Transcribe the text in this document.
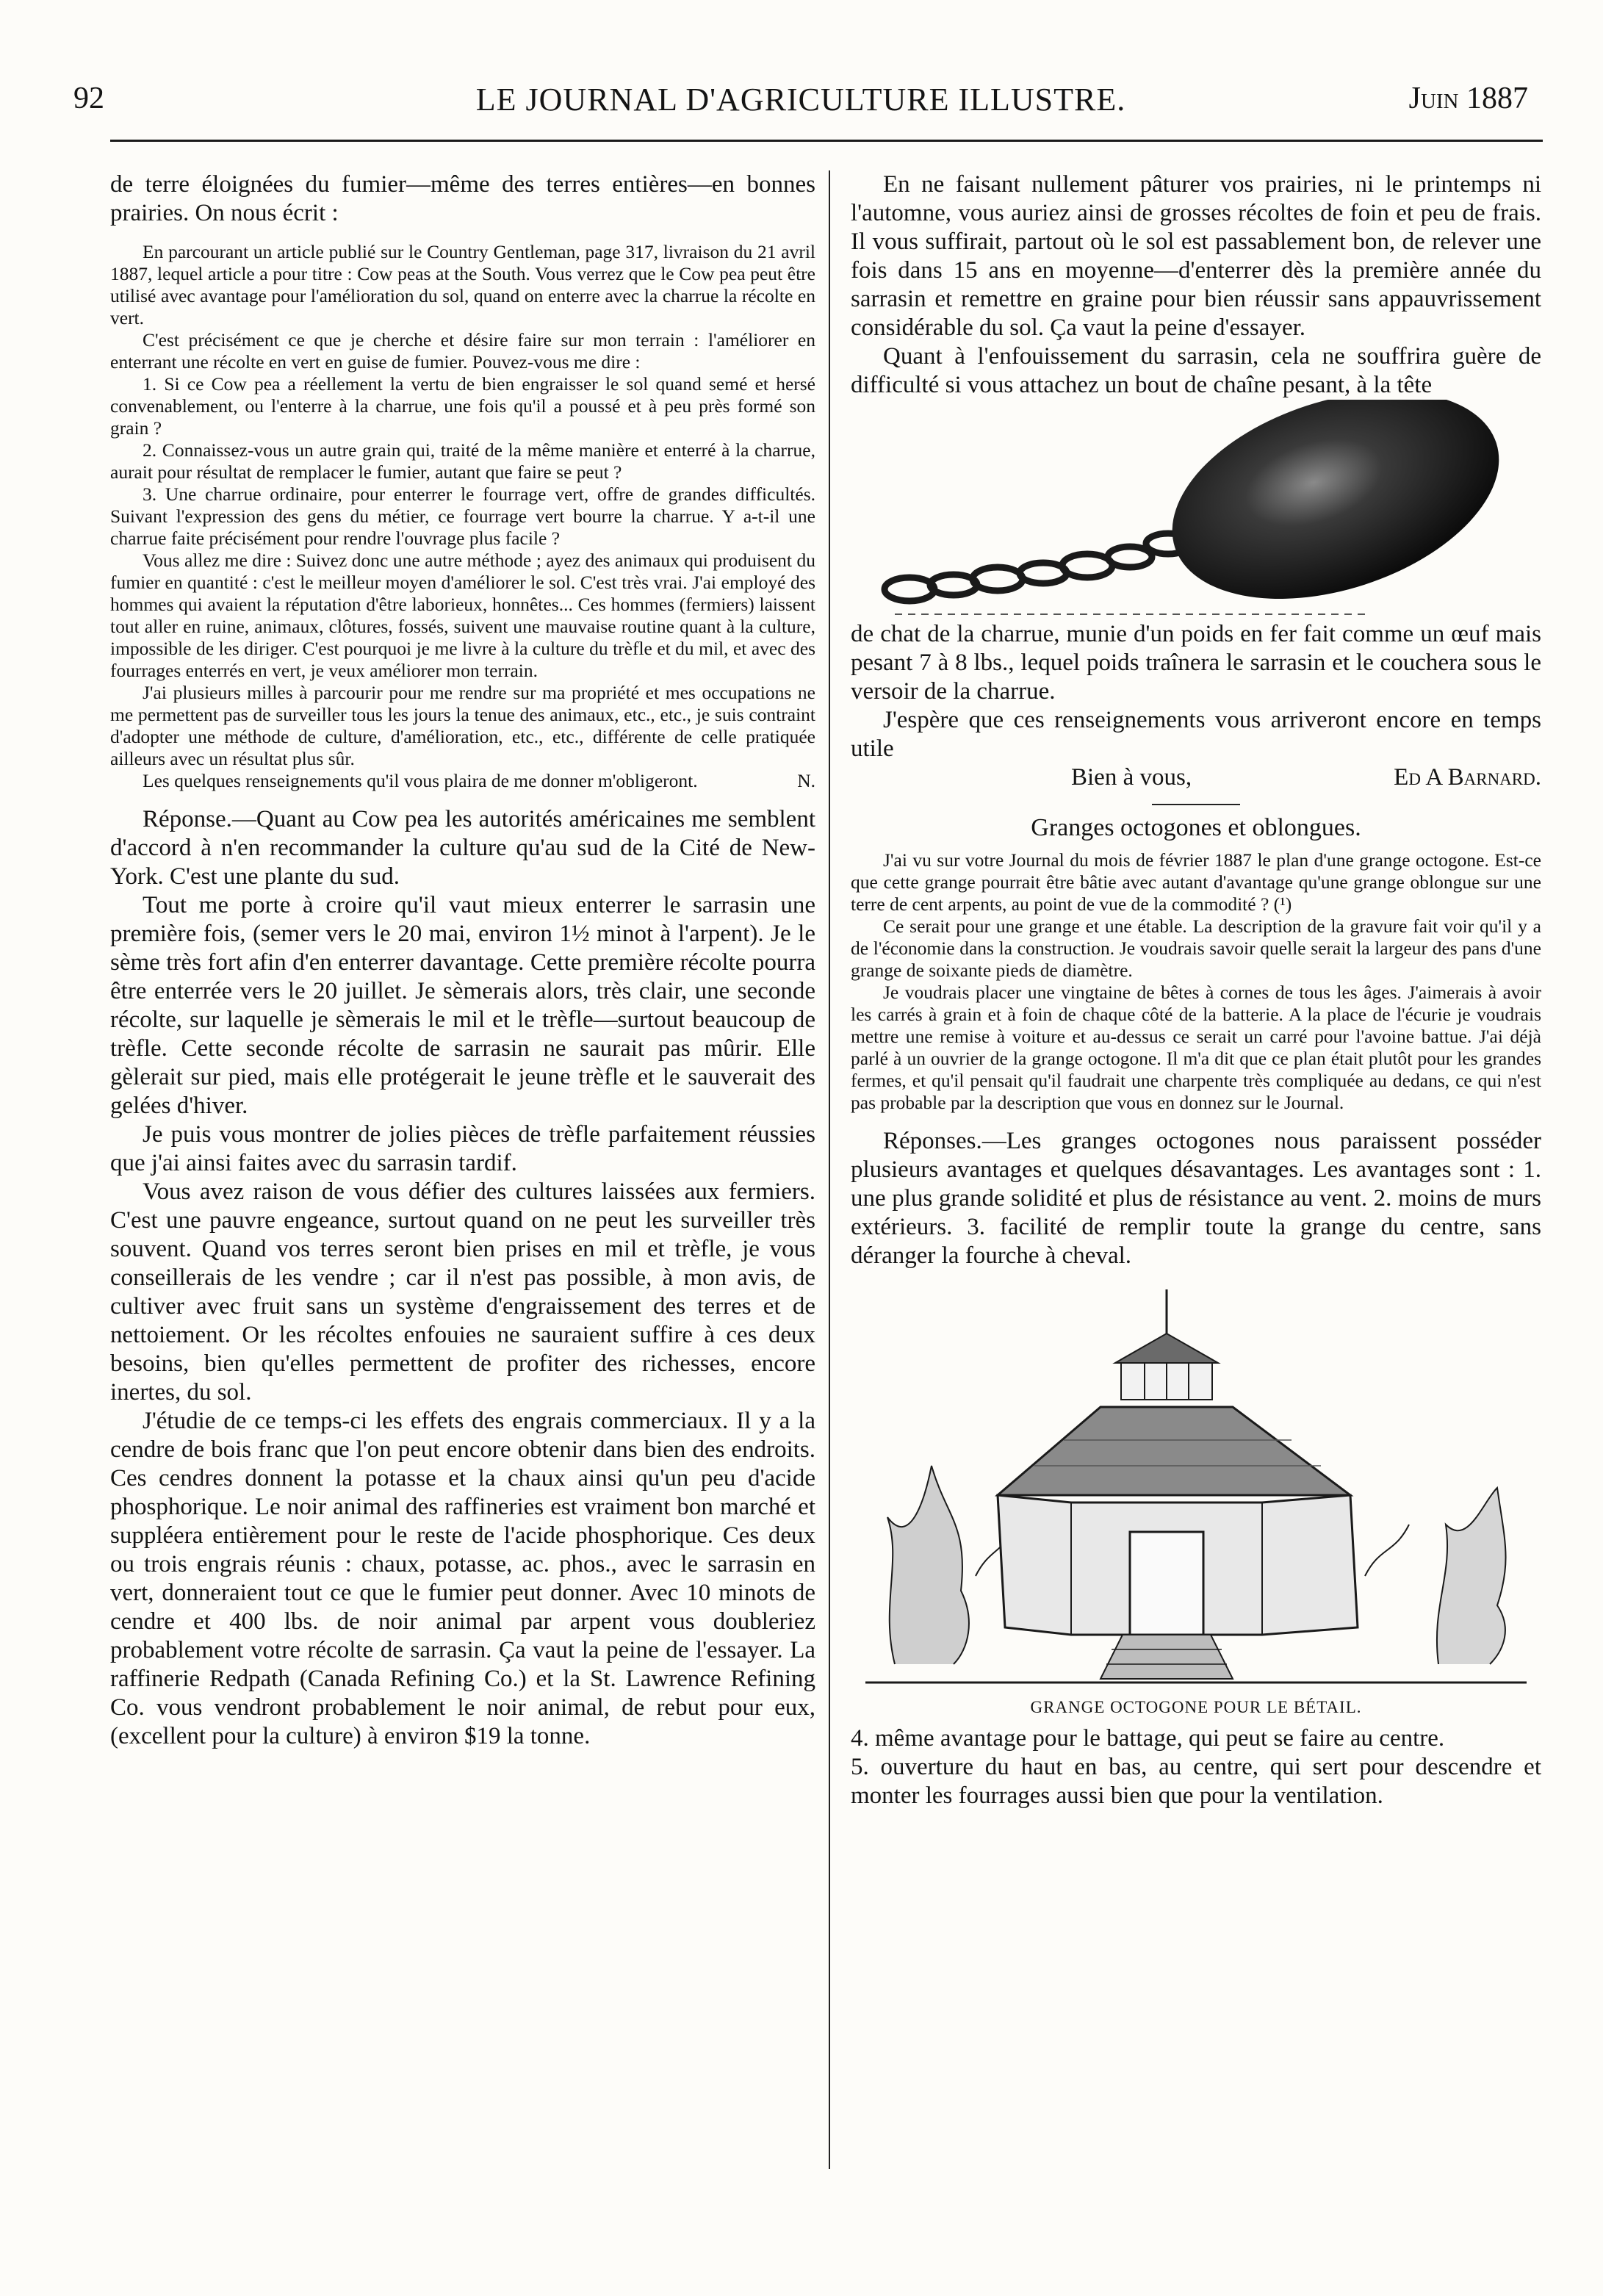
92	LE JOURNAL D'AGRICULTURE ILLUSTRE.	Juin 1887

de terre éloignées du fumier—même des terres entières—en bonnes prairies. On nous écrit :

En parcourant un article publié sur le Country Gentleman, page 317, livraison du 21 avril 1887, lequel article a pour titre : Cow peas at the South. Vous verrez que le Cow pea peut être utilisé avec avantage pour l'amélioration du sol, quand on enterre avec la charrue la récolte en vert.

C'est précisément ce que je cherche et désire faire sur mon terrain : l'améliorer en enterrant une récolte en vert en guise de fumier. Pouvez-vous me dire :

1. Si ce Cow pea a réellement la vertu de bien engraisser le sol quand semé et hersé convenablement, ou l'enterre à la charrue, une fois qu'il a poussé et à peu près formé son grain ?

2. Connaissez-vous un autre grain qui, traité de la même manière et enterré à la charrue, aurait pour résultat de remplacer le fumier, autant que faire se peut ?

3. Une charrue ordinaire, pour enterrer le fourrage vert, offre de grandes difficultés. Suivant l'expression des gens du métier, ce fourrage vert bourre la charrue. Y a-t-il une charrue faite précisément pour rendre l'ouvrage plus facile ?

Vous allez me dire : Suivez donc une autre méthode ; ayez des animaux qui produisent du fumier en quantité : c'est le meilleur moyen d'améliorer le sol. C'est très vrai. J'ai employé des hommes qui avaient la réputation d'être laborieux, honnêtes... Ces hommes (fermiers) laissent tout aller en ruine, animaux, clôtures, fossés, suivent une mauvaise routine quant à la culture, impossible de les diriger. C'est pourquoi je me livre à la culture du trèfle et du mil, et avec des fourrages enterrés en vert, je veux améliorer mon terrain.

J'ai plusieurs milles à parcourir pour me rendre sur ma propriété et mes occupations ne me permettent pas de surveiller tous les jours la tenue des animaux, etc., etc., je suis contraint d'adopter une méthode de culture, d'amélioration, etc., etc., différente de celle pratiquée ailleurs avec un résultat plus sûr.

Les quelques renseignements qu'il vous plaira de me donner m'obligeront.	N.

Réponse.—Quant au Cow pea les autorités américaines me semblent d'accord à n'en recommander la culture qu'au sud de la Cité de New-York. C'est une plante du sud.

Tout me porte à croire qu'il vaut mieux enterrer le sarrasin une première fois, (semer vers le 20 mai, environ 1½ minot à l'arpent). Je le sème très fort afin d'en enterrer davantage. Cette première récolte pourra être enterrée vers le 20 juillet. Je sèmerais alors, très clair, une seconde récolte, sur laquelle je sèmerais le mil et le trèfle—surtout beaucoup de trèfle. Cette seconde récolte de sarrasin ne saurait pas mûrir. Elle gèlerait sur pied, mais elle protégerait le jeune trèfle et le sauverait des gelées d'hiver.

Je puis vous montrer de jolies pièces de trèfle parfaitement réussies que j'ai ainsi faites avec du sarrasin tardif.

Vous avez raison de vous défier des cultures laissées aux fermiers. C'est une pauvre engeance, surtout quand on ne peut les surveiller très souvent. Quand vos terres seront bien prises en mil et trèfle, je vous conseillerais de les vendre ; car il n'est pas possible, à mon avis, de cultiver avec fruit sans un système d'engraissement des terres et de nettoiement. Or les récoltes enfouies ne sauraient suffire à ces deux besoins, bien qu'elles permettent de profiter des richesses, encore inertes, du sol.

J'étudie de ce temps-ci les effets des engrais commerciaux. Il y a la cendre de bois franc que l'on peut encore obtenir dans bien des endroits. Ces cendres donnent la potasse et la chaux ainsi qu'un peu d'acide phosphorique. Le noir animal des raffineries est vraiment bon marché et suppléera entièrement pour le reste de l'acide phosphorique. Ces deux ou trois engrais réunis : chaux, potasse, ac. phos., avec le sarrasin en vert, donneraient tout ce que le fumier peut donner. Avec 10 minots de cendre et 400 lbs. de noir animal par arpent vous doubleriez probablement votre récolte de sarrasin. Ça vaut la peine de l'essayer. La raffinerie Redpath (Canada Refining Co.) et la St. Lawrence Refining Co. vous vendront probablement le noir animal, de rebut pour eux, (excellent pour la culture) à environ $19 la tonne.

En ne faisant nullement pâturer vos prairies, ni le printemps ni l'automne, vous auriez ainsi de grosses récoltes de foin et peu de frais. Il vous suffirait, partout où le sol est passablement bon, de relever une fois dans 15 ans en moyenne—d'enterrer dès la première année du sarrasin et remettre en graine pour bien réussir sans appauvrissement considérable du sol. Ça vaut la peine d'essayer.

Quant à l'enfouissement du sarrasin, cela ne souffrira guère de difficulté si vous attachez un bout de chaîne pesant, à la tête

de chat de la charrue, munie d'un poids en fer fait comme un œuf mais pesant 7 à 8 lbs., lequel poids traînera le sarrasin et le couchera sous le versoir de la charrue.

J'espère que ces renseignements vous arriveront encore en temps utile

Bien à vous,	Ed A Barnard.
Granges octogones et oblongues.

J'ai vu sur votre Journal du mois de février 1887 le plan d'une grange octogone. Est-ce que cette grange pourrait être bâtie avec autant d'avantage qu'une grange oblongue sur une terre de cent arpents, au point de vue de la commodité ? (¹)

Ce serait pour une grange et une étable. La description de la gravure fait voir qu'il y a de l'économie dans la construction. Je voudrais savoir quelle serait la largeur des pans d'une grange de soixante pieds de diamètre.

Je voudrais placer une vingtaine de bêtes à cornes de tous les âges. J'aimerais à avoir les carrés à grain et à foin de chaque côté de la batterie. A la place de l'écurie je voudrais mettre une remise à voiture et au-dessus ce serait un carré pour l'avoine battue. J'ai déjà parlé à un ouvrier de la grange octogone. Il m'a dit que ce plan était plutôt pour les grandes fermes, et qu'il pensait qu'il faudrait une charpente très compliquée au dedans, ce qui n'est pas probable par la description que vous en donnez sur le Journal.

Réponses.—Les granges octogones nous paraissent posséder plusieurs avantages et quelques désavantages. Les avantages sont : 1. une plus grande solidité et plus de résistance au vent. 2. moins de murs extérieurs. 3. facilité de remplir toute la grange du centre, sans déranger la fourche à cheval.

GRANGE OCTOGONE POUR LE BÉTAIL.

4. même avantage pour le battage, qui peut se faire au centre.

5. ouverture du haut en bas, au centre, qui sert pour descendre et monter les fourrages aussi bien que pour la ventilation.
